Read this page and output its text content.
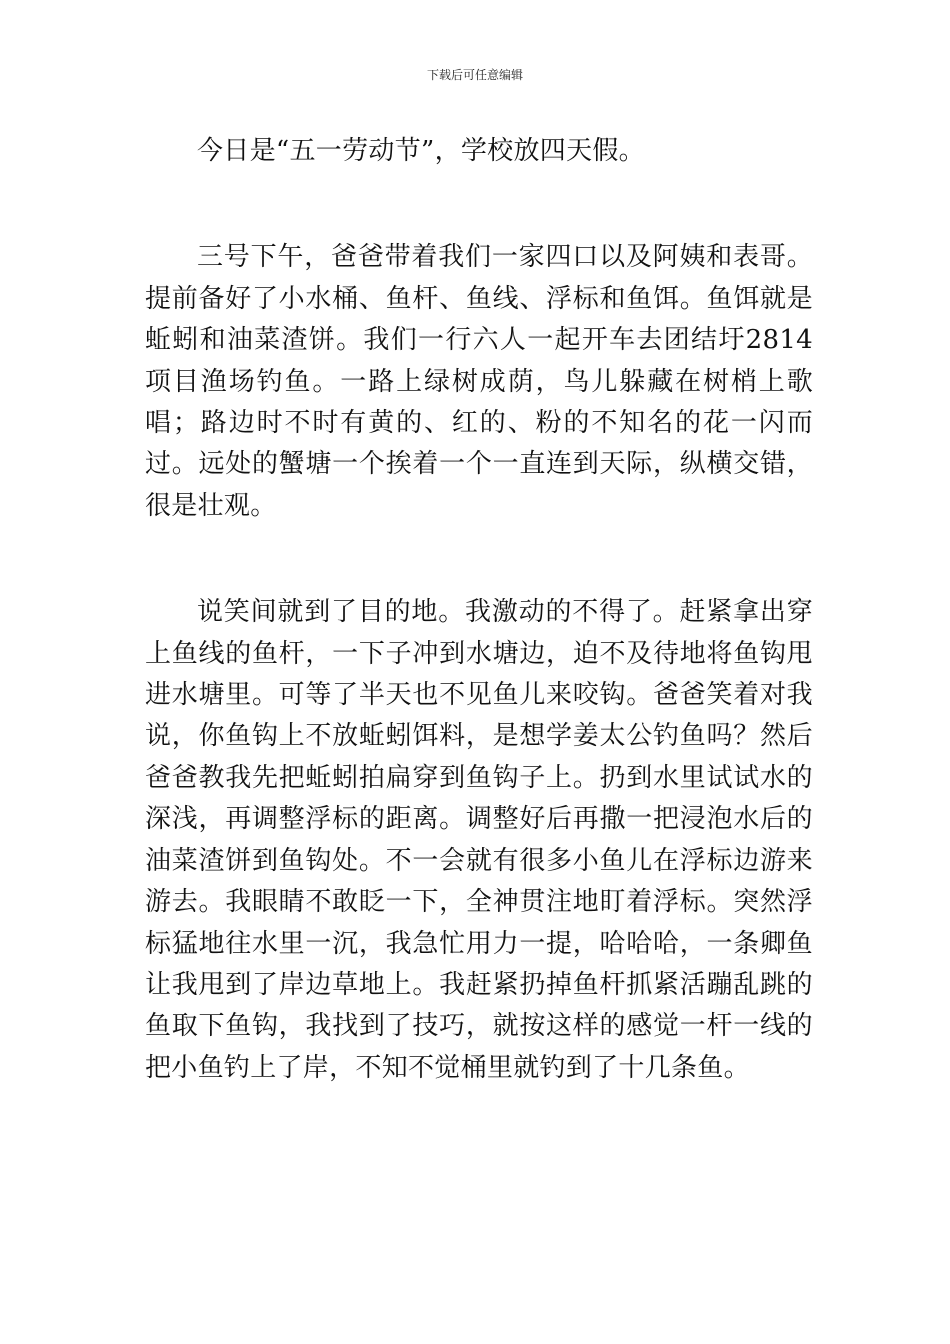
下载后可任意编辑

今日是“五一劳动节”，学校放四天假。

三号下午，爸爸带着我们一家四口以及阿姨和表哥。提前备好了小水桶、鱼杆、鱼线、浮标和鱼饵。鱼饵就是蚯蚓和油菜渣饼。我们一行六人一起开车去团结圩2814项目渔场钓鱼。一路上绿树成荫，鸟儿躲藏在树梢上歌唱；路边时不时有黄的、红的、粉的不知名的花一闪而过。远处的蟹塘一个挨着一个一直连到天际，纵横交错，很是壮观。

说笑间就到了目的地。我激动的不得了。赶紧拿出穿上鱼线的鱼杆，一下子冲到水塘边，迫不及待地将鱼钩甩进水塘里。可等了半天也不见鱼儿来咬钩。爸爸笑着对我说，你鱼钩上不放蚯蚓饵料，是想学姜太公钓鱼吗？然后爸爸教我先把蚯蚓拍扁穿到鱼钩子上。扔到水里试试水的深浅，再调整浮标的距离。调整好后再撒一把浸泡水后的油菜渣饼到鱼钩处。不一会就有很多小鱼儿在浮标边游来游去。我眼睛不敢眨一下，全神贯注地盯着浮标。突然浮标猛地往水里一沉，我急忙用力一提，哈哈哈，一条卿鱼让我甩到了岸边草地上。我赶紧扔掉鱼杆抓紧活蹦乱跳的鱼取下鱼钩，我找到了技巧，就按这样的感觉一杆一线的把小鱼钓上了岸，不知不觉桶里就钓到了十几条鱼。
